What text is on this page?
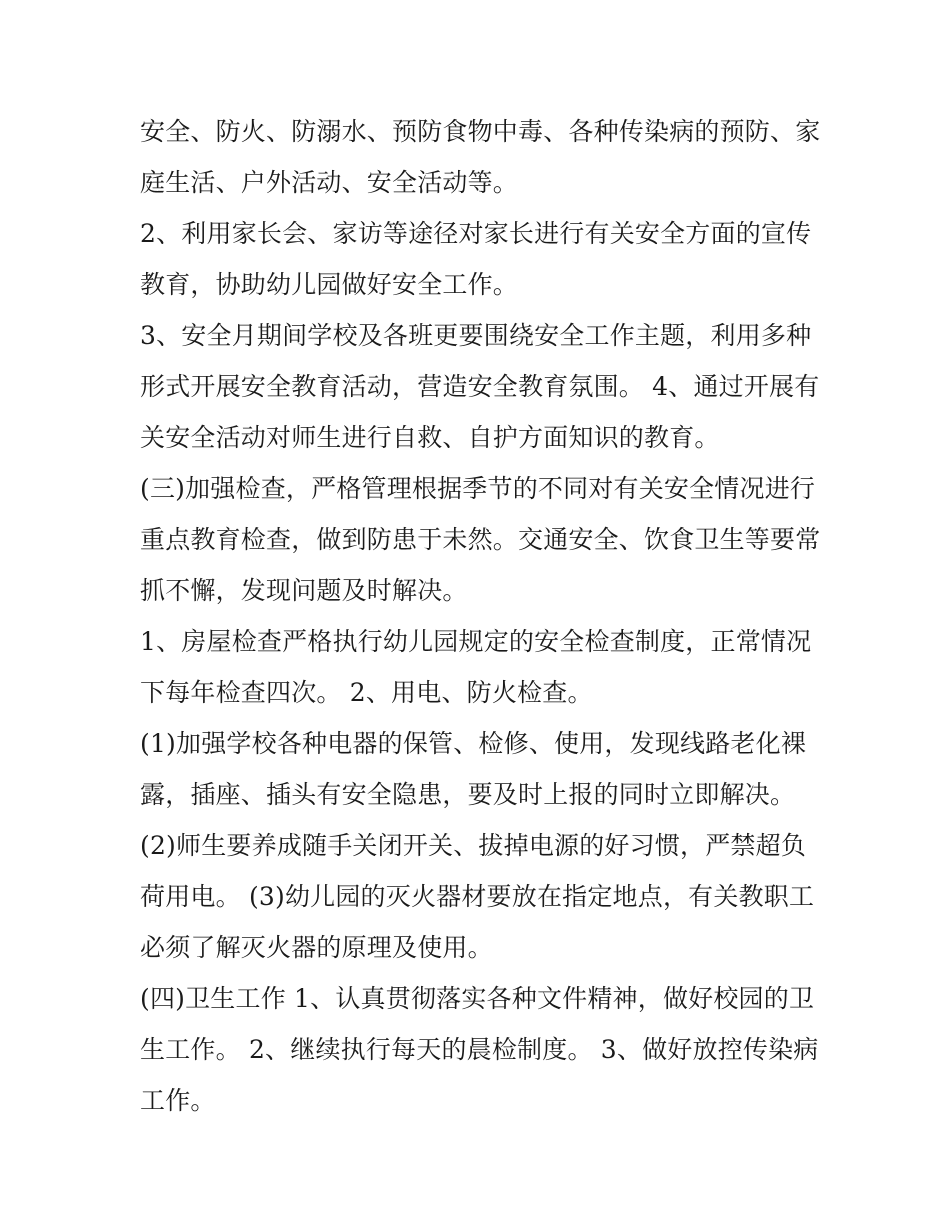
安全、防火、防溺水、预防食物中毒、各种传染病的预防、家
庭生活、户外活动、安全活动等。
2、利用家长会、家访等途径对家长进行有关安全方面的宣传
教育，协助幼儿园做好安全工作。
3、安全月期间学校及各班更要围绕安全工作主题，利用多种
形式开展安全教育活动，营造安全教育氛围。 4、通过开展有
关安全活动对师生进行自救、自护方面知识的教育。
(三)加强检查，严格管理根据季节的不同对有关安全情况进行
重点教育检查，做到防患于未然。交通安全、饮食卫生等要常
抓不懈，发现问题及时解决。
1、房屋检查严格执行幼儿园规定的安全检查制度，正常情况
下每年检查四次。 2、用电、防火检查。
(1)加强学校各种电器的保管、检修、使用，发现线路老化裸
露，插座、插头有安全隐患，要及时上报的同时立即解决。
(2)师生要养成随手关闭开关、拔掉电源的好习惯，严禁超负
荷用电。 (3)幼儿园的灭火器材要放在指定地点，有关教职工
必须了解灭火器的原理及使用。
(四)卫生工作 1、认真贯彻落实各种文件精神，做好校园的卫
生工作。 2、继续执行每天的晨检制度。 3、做好放控传染病
工作。
